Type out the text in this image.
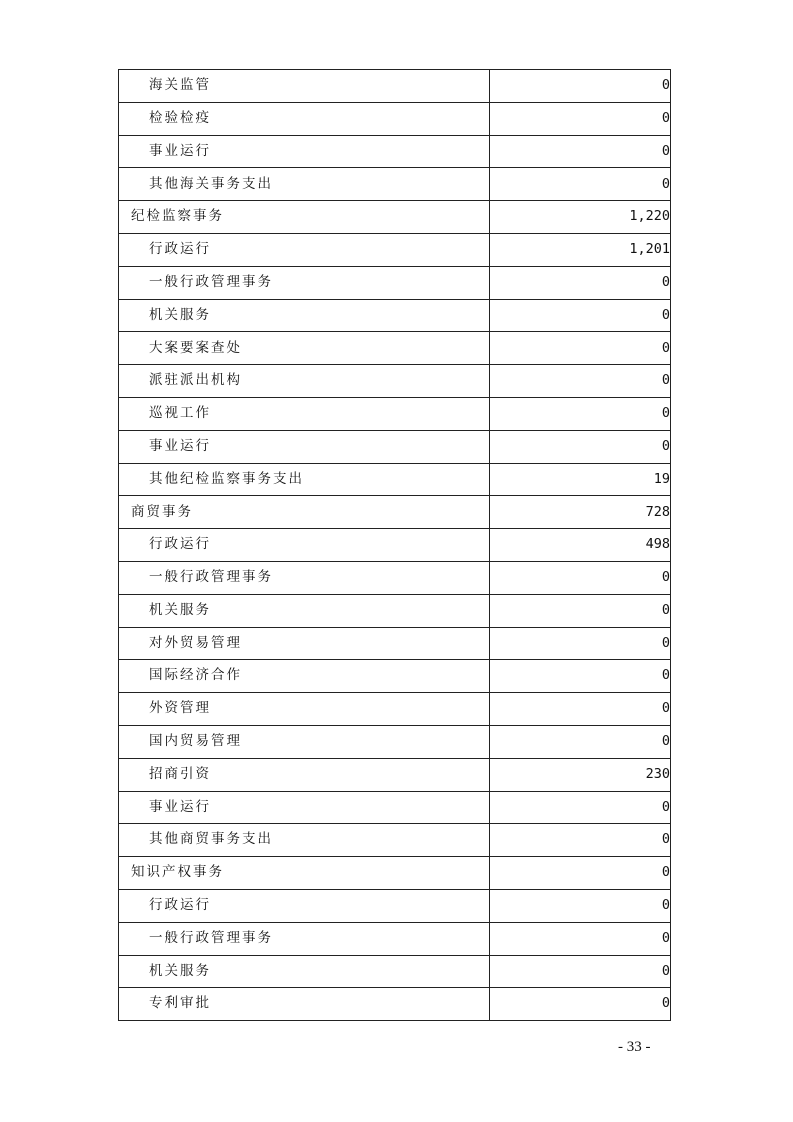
海关监管	0
检验检疫	0
事业运行	0
其他海关事务支出	0
纪检监察事务	1,220
行政运行	1,201
一般行政管理事务	0
机关服务	0
大案要案查处	0
派驻派出机构	0
巡视工作	0
事业运行	0
其他纪检监察事务支出	19
商贸事务	728
行政运行	498
一般行政管理事务	0
机关服务	0
对外贸易管理	0
国际经济合作	0
外资管理	0
国内贸易管理	0
招商引资	230
事业运行	0
其他商贸事务支出	0
知识产权事务	0
行政运行	0
一般行政管理事务	0
机关服务	0
专利审批	0
- 33 -
